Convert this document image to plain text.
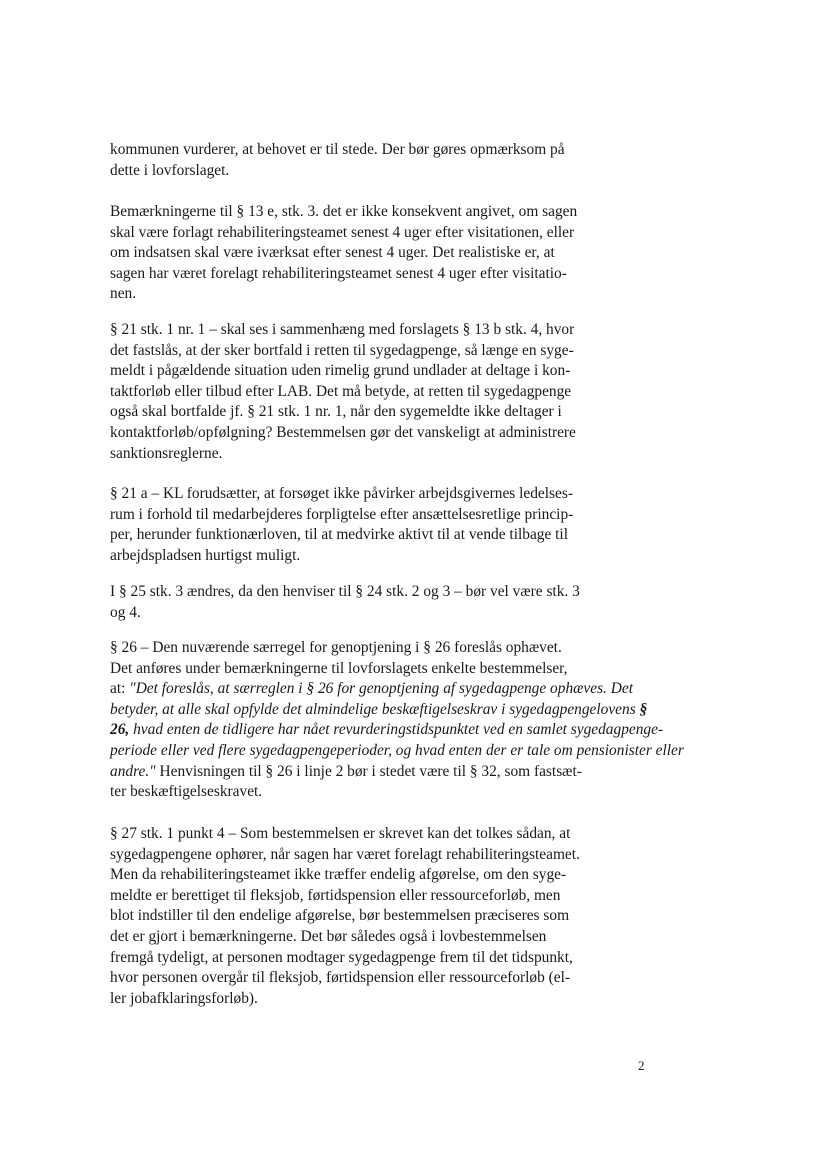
kommunen vurderer, at behovet er til stede. Der bør gøres opmærksom på
dette i lovforslaget.
Bemærkningerne til § 13 e, stk. 3. det er ikke konsekvent angivet, om sagen
skal være forlagt rehabiliteringsteamet senest 4 uger efter visitationen, eller
om indsatsen skal være iværksat efter senest 4 uger. Det realistiske er, at
sagen har været forelagt rehabiliteringsteamet senest 4 uger efter visitatio-
nen.
§ 21 stk. 1 nr. 1 – skal ses i sammenhæng med forslagets § 13 b stk. 4, hvor
det fastslås, at der sker bortfald i retten til sygedagpenge, så længe en syge-
meldt i pågældende situation uden rimelig grund undlader at deltage i kon-
taktforløb eller tilbud efter LAB. Det må betyde, at retten til sygedagpenge
også skal bortfalde jf. § 21 stk. 1 nr. 1, når den sygemeldte ikke deltager i
kontaktforløb/opfølgning? Bestemmelsen gør det vanskeligt at administrere
sanktionsreglerne.
§ 21 a – KL forudsætter, at forsøget ikke påvirker arbejdsgivernes ledelses-
rum i forhold til medarbejderes forpligtelse efter ansættelsesretlige princip-
per, herunder funktionærloven, til at medvirke aktivt til at vende tilbage til
arbejdspladsen hurtigst muligt.
I § 25 stk. 3 ændres, da den henviser til § 24 stk. 2 og 3 – bør vel være stk. 3
og 4.
§ 26 – Den nuværende særregel for genoptjening i § 26 foreslås ophævet.
Det anføres under bemærkningerne til lovforslagets enkelte bestemmelser,
at: "Det foreslås, at særreglen i § 26 for genoptjening af sygedagpenge ophæves. Det
betyder, at alle skal opfylde det almindelige beskæftigelseskrav i sygedagpengelovens §
26, hvad enten de tidligere har nået revurderingstidspunktet ved en samlet sygedagpenge-
periode eller ved flere sygedagpengeperioder, og hvad enten der er tale om pensionister eller
andre." Henvisningen til § 26 i linje 2 bør i stedet være til § 32, som fastsæt-
ter beskæftigelseskravet.
§ 27 stk. 1 punkt 4 – Som bestemmelsen er skrevet kan det tolkes sådan, at
sygedagpengene ophører, når sagen har været forelagt rehabiliteringsteamet.
Men da rehabiliteringsteamet ikke træffer endelig afgørelse, om den syge-
meldte er berettiget til fleksjob, førtidspension eller ressourceforløb, men
blot indstiller til den endelige afgørelse, bør bestemmelsen præciseres som
det er gjort i bemærkningerne. Det bør således også i lovbestemmelsen
fremgå tydeligt, at personen modtager sygedagpenge frem til det tidspunkt,
hvor personen overgår til fleksjob, førtidspension eller ressourceforløb (el-
ler jobafklaringsforløb).
2
